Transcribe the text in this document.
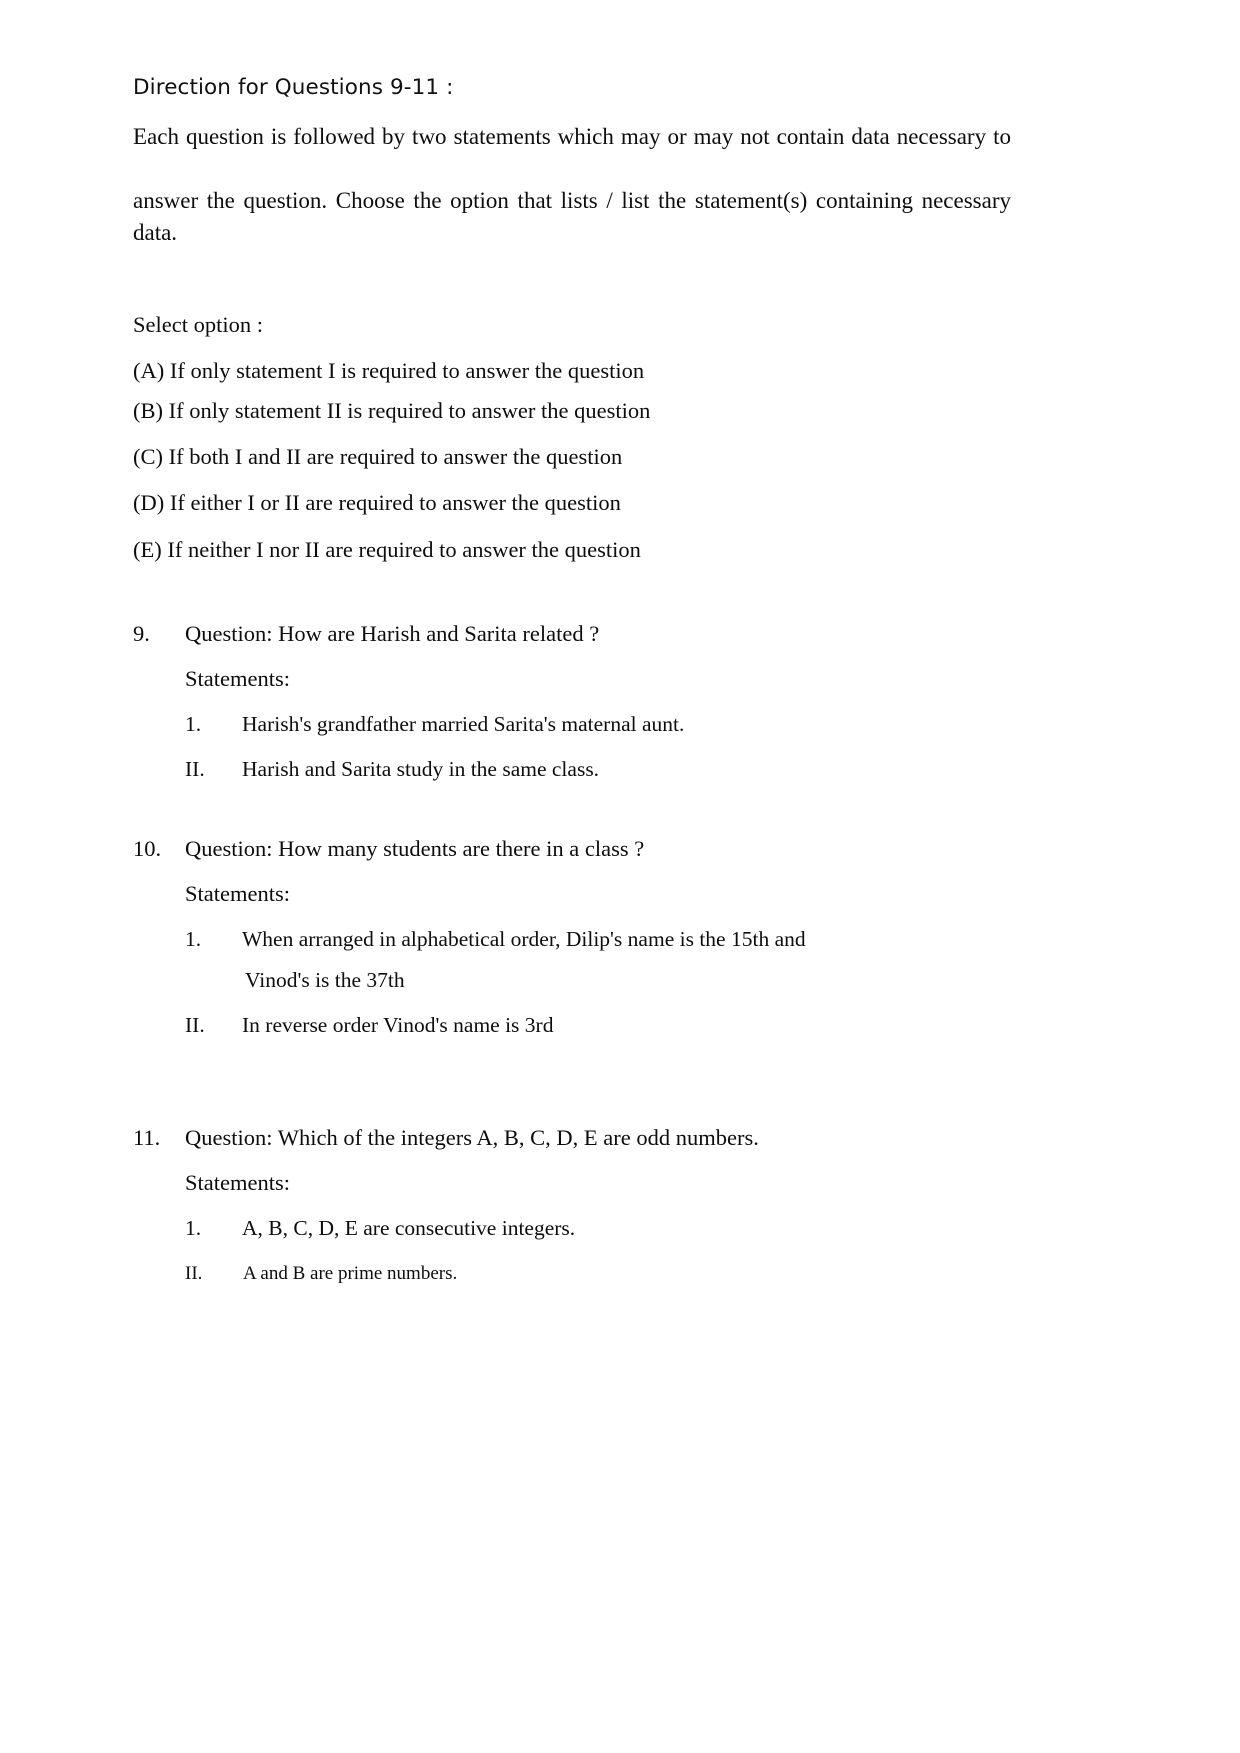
Direction for Questions 9-11 :
Each question is followed by two statements which may or may not contain data necessary to
answer the question. Choose the option that lists / list the statement(s) containing necessary data.
Select option :
(A) If only statement I is required to answer the question
(B) If only statement II is required to answer the question
(C) If both I and II are required to answer the question
(D) If either I or II are required to answer the question
(E) If neither I nor II are required to answer the question
9.	Question: How are Harish and Sarita related ?
Statements:
1.	Harish's grandfather married Sarita's maternal aunt.
II.	Harish and Sarita study in the same class.
10.	Question: How many students are there in a class ?
Statements:
1.	When arranged in alphabetical order, Dilip's name is the 15th and
Vinod's is the 37th
II.	In reverse order Vinod's name is 3rd
11.	Question: Which of the integers A, B, C, D, E are odd numbers.
Statements:
1.	A, B, C, D, E are consecutive integers.
II.	A and B are prime numbers.
